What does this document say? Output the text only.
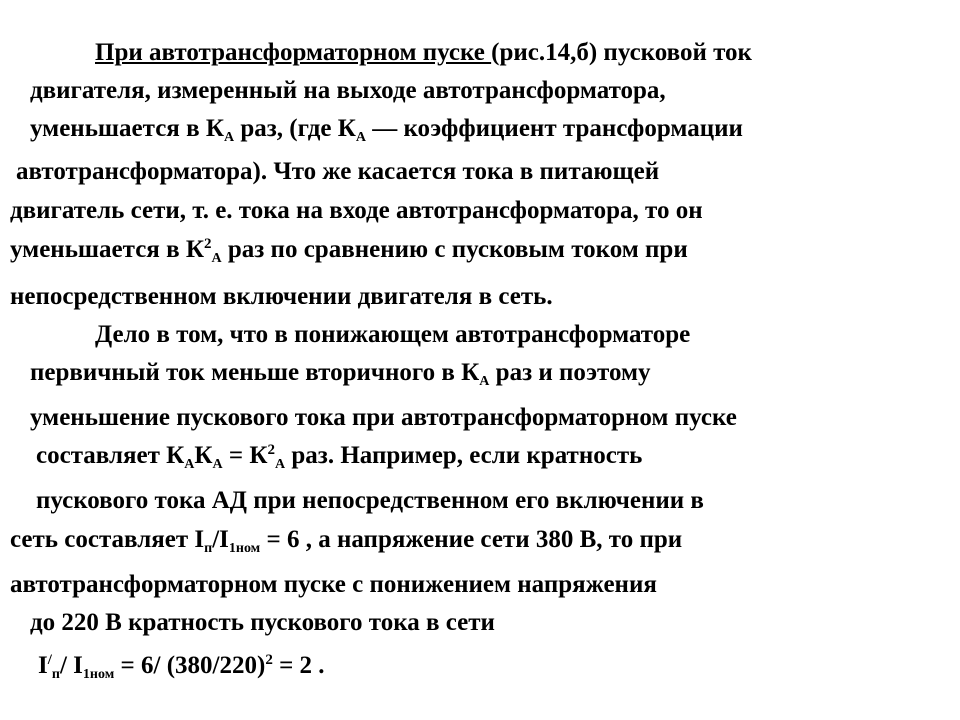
При автотрансформаторном пуске (рис.14,б) пусковой ток
двигателя, измеренный на выходе автотрансформатора,
уменьшается в $К_А$ раз, (где $К_А$ — коэффициент трансформации
автотрансформатора). Что же касается тока в питающей
двигатель сети, т. е. тока на входе автотрансформатора, то он
уменьшается в $К^2_А$ раз по сравнению с пусковым током при
непосредственном включении двигателя в сеть.
Дело в том, что в понижающем автотрансформаторе
первичный ток меньше вторичного в $К_А$ раз и поэтому
уменьшение пускового тока при автотрансформаторном пуске
составляет $К_АК_А = К^2_А$ раз. Например, если кратность
пускового тока АД при непосредственном его включении в
сеть составляет $I_п/I_{1ном} = 6$ , а напряжение сети 380 В, то при
автотрансформаторном пуске с понижением напряжения
до 220 В кратность пускового тока в сети
$I^/_п/$ $I_{1ном} = 6/$ $(380/220)^2 = 2$ .
